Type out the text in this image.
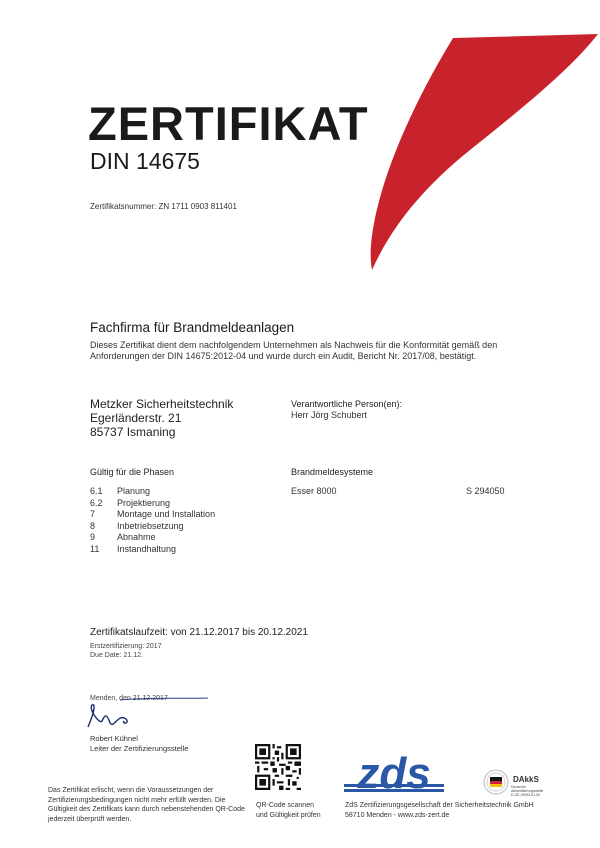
ZERTIFIKAT
DIN 14675
Zertifikatsnummer: ZN 1711 0903 811401
Fachfirma für Brandmeldeanlagen
Dieses Zertifikat dient dem nachfolgendem Unternehmen als Nachweis für die Konformität gemäß den Anforderungen der DIN 14675:2012-04 und wurde durch ein Audit, Bericht Nr. 2017/08, bestätigt.
Metzker Sicherheitstechnik
Egerländerstr. 21
85737 Ismaning
Verantwortliche Person(en):
Herr Jörg Schubert
Gültig für die Phasen
6.1 Planung
6.2 Projektierung
7 Montage und Installation
8 Inbetriebsetzung
9 Abnahme
11 Instandhaltung
Brandmeldesysteme
Esser 8000	S 294050
Zertifikatslaufzeit: von 21.12.2017 bis 20.12.2021
Erstzertifizierung: 2017
Due Date: 21.12.
Menden, den 21.12.2017
Robert Kühnel
Leiter der Zertifizierungsstelle
Das Zertifikat erlischt, wenn die Voraussetzungen der Zertifizierungsbedingungen nicht mehr erfüllt werden. Die Gültigkeit des Zertifikats kann durch nebenstehenden QR-Code jederzeit überprüft werden.
QR-Code scannen
und Gültigkeit prüfen
zds
ZdS Zertifizierungsgesellschaft der Sicherheitstechnik GmbH
58710 Menden - www.zds-zert.de
DAkkS
Deutsche
Akkreditierungsstelle
D-ZE-19093-01-00
